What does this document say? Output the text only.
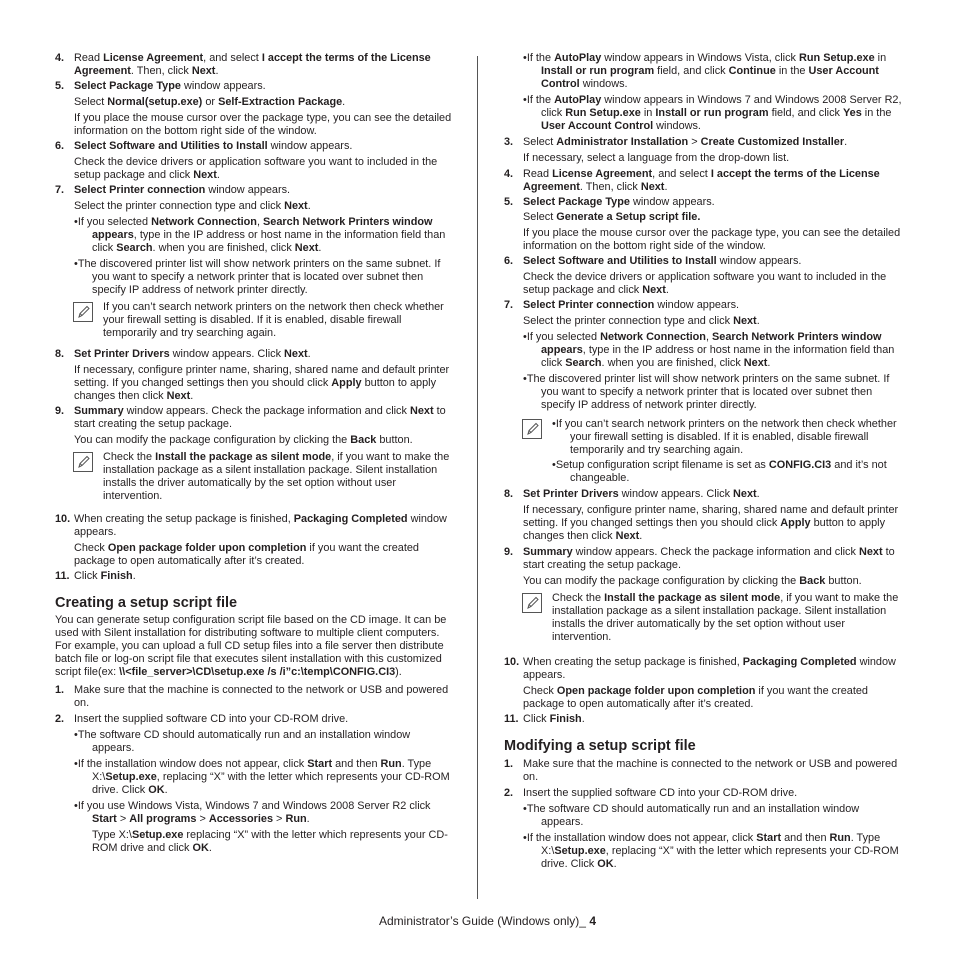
4. Read License Agreement, and select I accept the terms of the License Agreement. Then, click Next.
5. Select Package Type window appears.
Select Normal(setup.exe) or Self-Extraction Package.
If you place the mouse cursor over the package type, you can see the detailed information on the bottom right side of the window.
6. Select Software and Utilities to Install window appears.
Check the device drivers or application software you want to included in the setup package and click Next.
7. Select Printer connection window appears.
Select the printer connection type and click Next.
•If you selected Network Connection, Search Network Printers window appears, type in the IP address or host name in the information field than click Search. when you are finished, click Next.
•The discovered printer list will show network printers on the same subnet. If you want to specify a network printer that is located over subnet then specify IP address of network printer directly.
If you can’t search network printers on the network then check whether your firewall setting is disabled. If it is enabled, disable firewall temporarily and try searching again.
8. Set Printer Drivers window appears. Click Next.
If necessary, configure printer name, sharing, shared name and default printer setting. If you changed settings then you should click Apply button to apply changes then click Next.
9. Summary window appears. Check the package information and click Next to start creating the setup package.
You can modify the package configuration by clicking the Back button.
Check the Install the package as silent mode, if you want to make the installation package as a silent installation package. Silent installation installs the driver automatically by the set option without user intervention.
10. When creating the setup package is finished, Packaging Completed window appears.
Check Open package folder upon completion if you want the created package to open automatically after it’s created.
11. Click Finish.
Creating a setup script file
You can generate setup configuration script file based on the CD image. It can be used with Silent installation for distributing software to multiple client computers. For example, you can upload a full CD setup files into a file server then distribute batch file or log-on script file that executes silent installation with this customized script file(ex: \\<file_server>\CD\setup.exe /s /i”c:\temp\CONFIG.CI3).
1. Make sure that the machine is connected to the network or USB and powered on.
2. Insert the supplied software CD into your CD-ROM drive.
•The software CD should automatically run and an installation window appears.
•If the installation window does not appear, click Start and then Run. Type X:\Setup.exe, replacing “X” with the letter which represents your CD-ROM drive. Click OK.
•If you use Windows Vista, Windows 7 and Windows 2008 Server R2 click Start > All programs > Accessories > Run.
Type X:\Setup.exe replacing “X” with the letter which represents your CD-ROM drive and click OK.
•If the AutoPlay window appears in Windows Vista, click Run Setup.exe in Install or run program field, and click Continue in the User Account Control windows.
•If the AutoPlay window appears in Windows 7 and Windows 2008 Server R2, click Run Setup.exe in Install or run program field, and click Yes in the User Account Control windows.
3. Select Administrator Installation > Create Customized Installer.
If necessary, select a language from the drop-down list.
4. Read License Agreement, and select I accept the terms of the License Agreement. Then, click Next.
5. Select Package Type window appears.
Select Generate a Setup script file.
If you place the mouse cursor over the package type, you can see the detailed information on the bottom right side of the window.
6. Select Software and Utilities to Install window appears.
Check the device drivers or application software you want to included in the setup package and click Next.
7. Select Printer connection window appears.
Select the printer connection type and click Next.
•If you selected Network Connection, Search Network Printers window appears, type in the IP address or host name in the information field than click Search. when you are finished, click Next.
•The discovered printer list will show network printers on the same subnet. If you want to specify a network printer that is located over subnet then specify IP address of network printer directly.
•If you can’t search network printers on the network then check whether your firewall setting is disabled. If it is enabled, disable firewall temporarily and try searching again.
•Setup configuration script filename is set as CONFIG.CI3 and it’s not changeable.
8. Set Printer Drivers window appears. Click Next.
If necessary, configure printer name, sharing, shared name and default printer setting. If you changed settings then you should click Apply button to apply changes then click Next.
9. Summary window appears. Check the package information and click Next to start creating the setup package.
You can modify the package configuration by clicking the Back button.
Check the Install the package as silent mode, if you want to make the installation package as a silent installation package. Silent installation installs the driver automatically by the set option without user intervention.
10. When creating the setup package is finished, Packaging Completed window appears.
Check Open package folder upon completion if you want the created package to open automatically after it’s created.
11. Click Finish.
Modifying a setup script file
1. Make sure that the machine is connected to the network or USB and powered on.
2. Insert the supplied software CD into your CD-ROM drive.
•The software CD should automatically run and an installation window appears.
•If the installation window does not appear, click Start and then Run. Type X:\Setup.exe, replacing “X” with the letter which represents your CD-ROM drive. Click OK.
Administrator’s Guide (Windows only)_ 4
